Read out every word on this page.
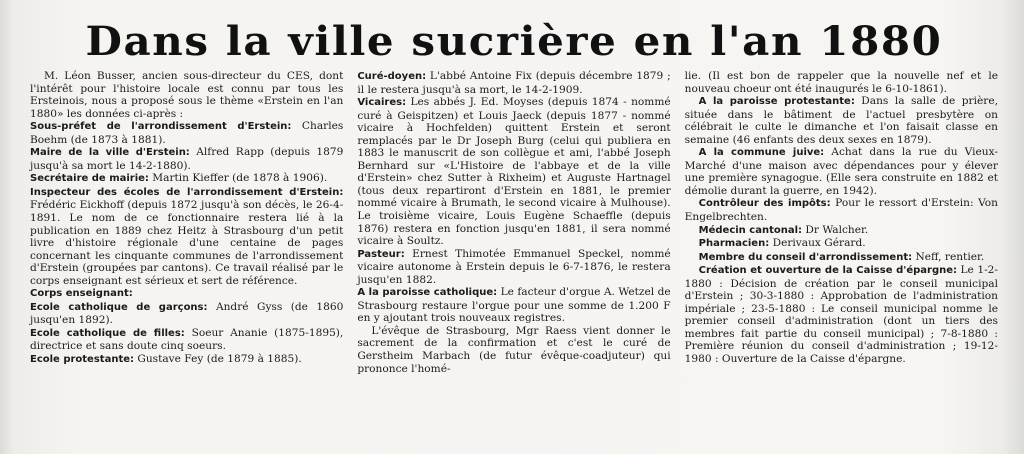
Dans la ville sucrière en l'an 1880

M. Léon Busser, ancien sous-directeur du CES, dont l'intérêt pour l'histoire locale est connu par tous les Ersteinois, nous a proposé sous le thème «Erstein en l'an 1880» les données ci-après :

Sous-préfet de l'arrondissement d'Erstein: Charles Boehm (de 1873 à 1881).

Maire de la ville d'Erstein: Alfred Rapp (depuis 1879 jusqu'à sa mort le 14-2-1880).

Secrétaire de mairie: Martin Kieffer (de 1878 à 1906).

Inspecteur des écoles de l'arrondissement d'Erstein: Frédéric Eickhoff (depuis 1872 jusqu'à son décès, le 26-4-1891. Le nom de ce fonctionnaire restera lié à la publication en 1889 chez Heitz à Strasbourg d'un petit livre d'histoire régionale d'une centaine de pages concernant les cinquante communes de l'arrondissement d'Erstein (groupées par cantons). Ce travail réalisé par le corps enseignant est sérieux et sert de référence.

Corps enseignant:

Ecole catholique de garçons: André Gyss (de 1860 jusqu'en 1892).

Ecole catholique de filles: Soeur Ananie (1875-1895), directrice et sans doute cinq soeurs.

Ecole protestante: Gustave Fey (de 1879 à 1885).

Curé-doyen: L'abbé Antoine Fix (depuis décembre 1879 ; il le restera jusqu'à sa mort, le 14-2-1909.

Vicaires: Les abbés J. Ed. Moyses (depuis 1874 - nommé curé à Geispitzen) et Louis Jaeck (depuis 1877 - nommé vicaire à Hochfelden) quittent Erstein et seront remplacés par le Dr Joseph Burg (celui qui publiera en 1883 le manuscrit de son collègue et ami, l'abbé Joseph Bernhard sur «L'Histoire de l'abbaye et de la ville d'Erstein» chez Sutter à Rixheim) et Auguste Hartnagel (tous deux repartiront d'Erstein en 1881, le premier nommé vicaire à Brumath, le second vicaire à Mulhouse). Le troisième vicaire, Louis Eugène Schaeffle (depuis 1876) restera en fonction jusqu'en 1881, il sera nommé vicaire à Soultz.

Pasteur: Ernest Thimotée Emmanuel Speckel, nommé vicaire autonome à Erstein depuis le 6-7-1876, le restera jusqu'en 1882.

A la paroisse catholique: Le facteur d'orgue A. Wetzel de Strasbourg restaure l'orgue pour une somme de 1.200 F en y ajoutant trois nouveaux registres.

L'évêque de Strasbourg, Mgr Raess vient donner le sacrement de la confirmation et c'est le curé de Gerstheim Marbach (de futur évêque-coadjuteur) qui prononce l'homé-

lie. (Il est bon de rappeler que la nouvelle nef et le nouveau choeur ont été inaugurés le 6-10-1861).

A la paroisse protestante: Dans la salle de prière, située dans le bâtiment de l'actuel presbytère on célébrait le culte le dimanche et l'on faisait classe en semaine (46 enfants des deux sexes en 1879).

A la commune juive: Achat dans la rue du Vieux-Marché d'une maison avec dépendances pour y élever une première synagogue. (Elle sera construite en 1882 et démolie durant la guerre, en 1942).

Contrôleur des impôts: Pour le ressort d'Erstein: Von Engelbrechten.

Médecin cantonal: Dr Walcher.

Pharmacien: Derivaux Gérard.

Membre du conseil d'arrondissement: Neff, rentier.

Création et ouverture de la Caisse d'épargne: Le 1-2-1880 : Décision de création par le conseil municipal d'Erstein ; 30-3-1880 : Approbation de l'administration impériale ; 23-5-1880 : Le conseil municipal nomme le premier conseil d'administration (dont un tiers des membres fait partie du conseil municipal) ; 7-8-1880 : Première réunion du conseil d'administration ; 19-12-1980 : Ouverture de la Caisse d'épargne.
